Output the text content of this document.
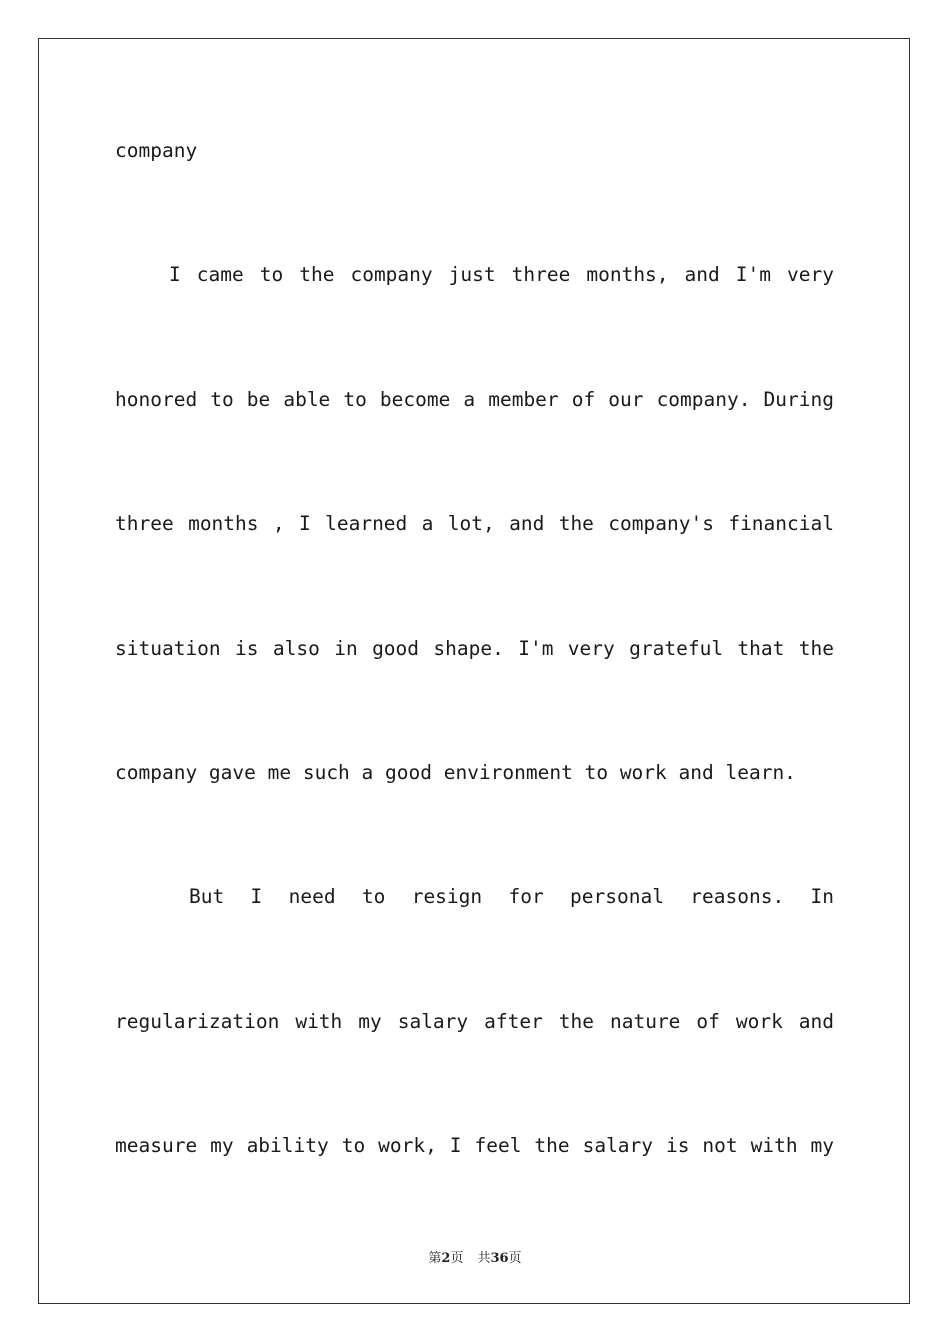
company
I came to the company just three months, and I'm very
honored to be able to become a member of our company. During
three months , I learned a lot, and the company's financial
situation is also in good shape. I'm very grateful that the
company gave me such a good environment to work and learn.
But I need to resign for personal reasons. In
regularization with my salary after the nature of work and
measure my ability to work, I feel the salary is not with my
第2页 共36页
